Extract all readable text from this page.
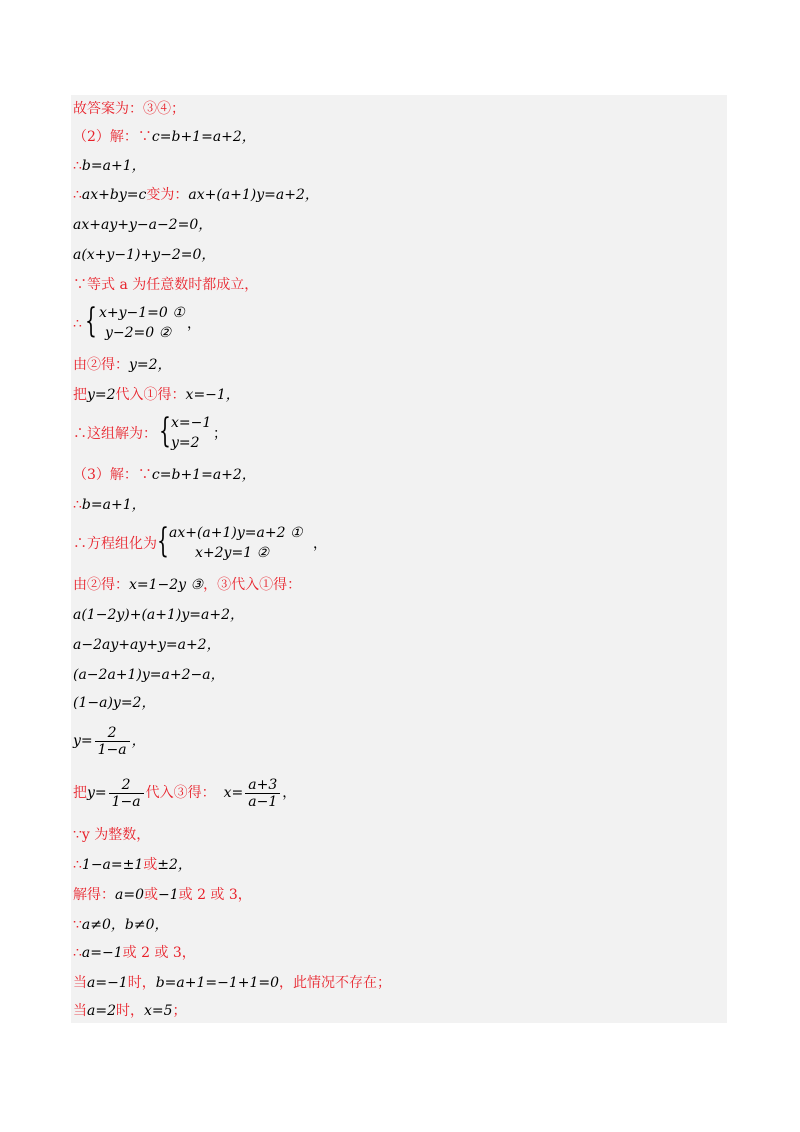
故答案为：③④；
（2）解：∵c=b+1=a+2，
∴b=a+1，
∴ax+by=c变为：ax+(a+1)y=a+2，
ax+ay+y−a−2=0，
a(x+y−1)+y−2=0，
∵等式 a 为任意数时都成立，
∴ { x+y−1=0 ①
y−2=0 ②
，
由②得：y=2，
把y=2代入①得：x=−1，
∴这组解为： { x=−1
y=2
；
（3）解：∵c=b+1=a+2，
∴b=a+1，
∴方程组化为 { ax+(a+1)y=a+2 ①
x+2y=1 ②
，
由②得：x=1−2y ③，③代入①得：
a(1−2y)+(a+1)y=a+2，
a−2ay+ay+y=a+2，
(a−2a+1)y=a+2−a，
(1−a)y=2，
$y= \frac{2}{1-a}$ ，
把$y= \frac{2}{1-a}$ 代入③得： $x= \frac{a+3}{a-1}$ ，
∵y 为整数，
∴1−a=±1或±2，
解得：a=0或−1或 2 或 3，
∵a≠0，b≠0，
∴a=−1或 2 或 3，
当a=−1时，b=a+1=−1+1=0，此情况不存在；
当a=2时，x=5；
